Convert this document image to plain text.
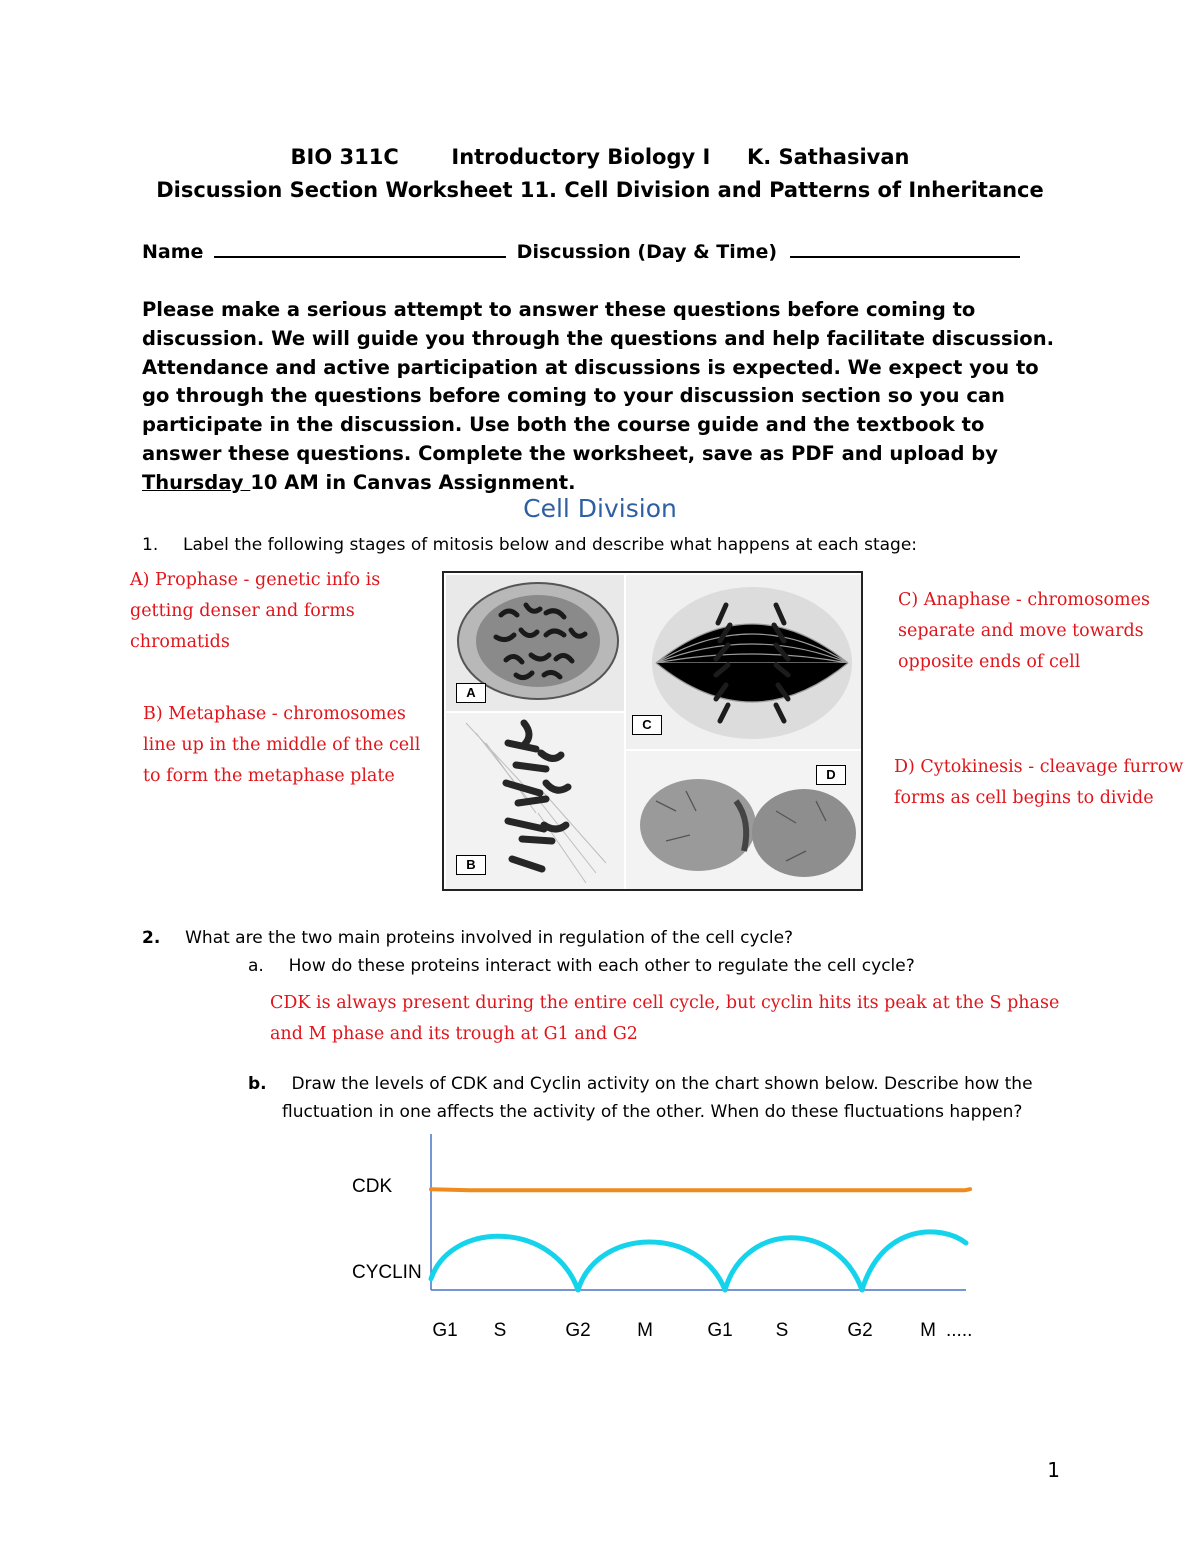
BIO 311C	Introductory Biology I K. Sathasivan
Discussion Section Worksheet 11. Cell Division and Patterns of Inheritance
Name	Discussion (Day & Time)
Please make a serious attempt to answer these questions before coming to discussion. We will guide you through the questions and help facilitate discussion. Attendance and active participation at discussions is expected. We expect you to go through the questions before coming to your discussion section so you can participate in the discussion. Use both the course guide and the textbook to answer these questions. Complete the worksheet, save as PDF and upload by Thursday 10 AM in Canvas Assignment.
Cell Division
1. Label the following stages of mitosis below and describe what happens at each stage:
A) Prophase - genetic info is
getting denser and forms
chromatids
B) Metaphase - chromosomes
line up in the middle of the cell
to form the metaphase plate
C) Anaphase - chromosomes
separate and move towards
opposite ends of cell
D) Cytokinesis - cleavage furrow
forms as cell begins to divide
A
B
C
D
2. What are the two main proteins involved in regulation of the cell cycle?
a. How do these proteins interact with each other to regulate the cell cycle?
CDK is always present during the entire cell cycle, but cyclin hits its peak at the S phase
and M phase and its trough at G1 and G2
b. Draw the levels of CDK and Cyclin activity on the chart shown below. Describe how the
fluctuation in one affects the activity of the other. When do these fluctuations happen?
CDK
CYCLIN
G1 S	G2 M	G1 S	G2 M .....
1
